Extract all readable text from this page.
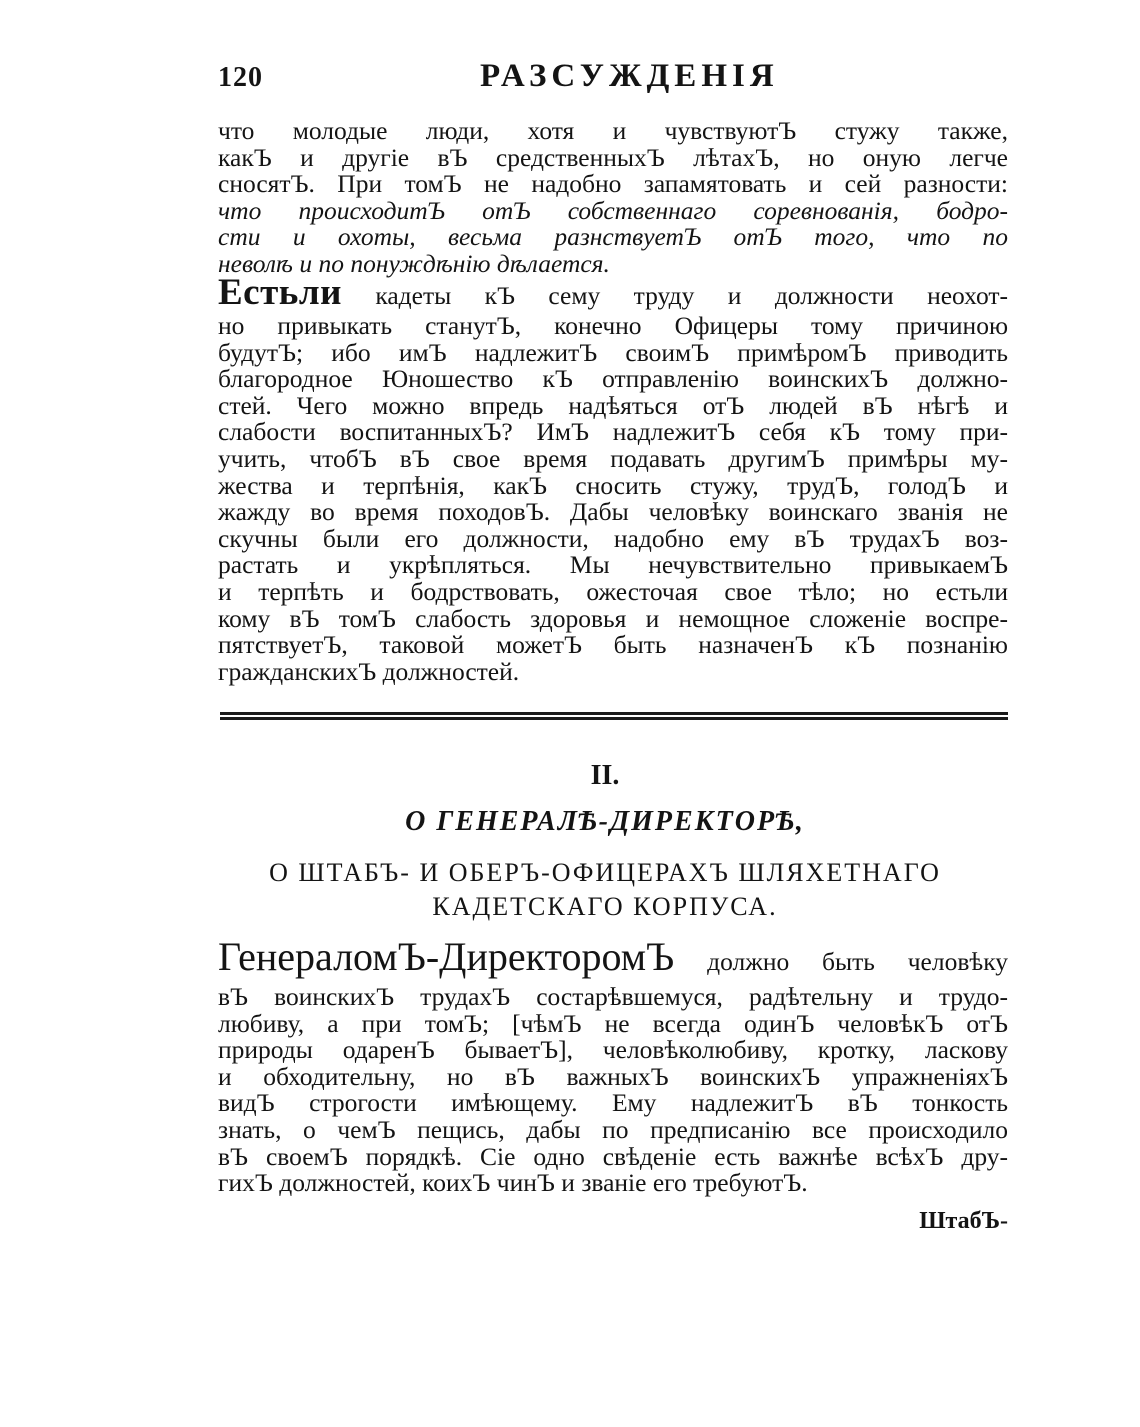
120	РАЗСУЖДЕНІЯ
что молодые люди, хотя и чувствуютЪ стужу также,
какЪ и другіе вЪ средственныхЪ лѣтахЪ, но оную легче
сносятЪ. При томЪ не надобно запамятовать и сей разности:
что происходитЪ отЪ собственнаго соревнованія, бодро-
сти и охоты, весьма разнствуетЪ отЪ того, что по
неволѣ и по понуждѣнію дѣлается.
Естьли кадеты кЪ сему труду и должности неохот-
но привыкать станутЪ, конечно Офицеры тому причиною
будутЪ; ибо имЪ надлежитЪ своимЪ примѣромЪ приводить
благородное Юношество кЪ отправленію воинскихЪ должно-
стей. Чего можно впредь надѣяться отЪ людей вЪ нѣгѣ и
слабости воспитанныхЪ? ИмЪ надлежитЪ себя кЪ тому при-
учить, чтобЪ вЪ свое время подавать другимЪ примѣры му-
жества и терпѣнія, какЪ сносить стужу, трудЪ, голодЪ и
жажду во время походовЪ. Дабы человѣку воинскаго званія не
скучны были его должности, надобно ему вЪ трудахЪ воз-
растать и укрѣпляться. Мы нечувствительно привыкаемЪ
и терпѣть и бодрствовать, ожесточая свое тѣло; но естьли
кому вЪ томЪ слабость здоровья и немощное сложеніе воспре-
пятствуетЪ, таковой можетЪ быть назначенЪ кЪ познанію
гражданскихЪ должностей.
II.
О ГЕНЕРАЛѢ-ДИРЕКТОРѢ,
О ШТАБЪ- И ОБЕРЪ-ОФИЦЕРАХЪ ШЛЯХЕТНАГО
КАДЕТСКАГО КОРПУСА.
ГенераломЪ-ДиректоромЪ должно быть человѣку
вЪ воинскихЪ трудахЪ состарѣвшемуся, радѣтельну и трудо-
любиву, а при томЪ; [чѣмЪ не всегда одинЪ человѣкЪ отЪ
природы одаренЪ бываетЪ], человѣколюбиву, кротку, ласкову
и обходительну, но вЪ важныхЪ воинскихЪ упражненіяхЪ
видЪ строгости имѣющему. Ему надлежитЪ вЪ тонкость
знать, о чемЪ пещись, дабы по предписанію все происходило
вЪ своемЪ порядкѣ. Сіе одно свѣденіе есть важнѣе всѣхЪ дру-
гихЪ должностей, коихЪ чинЪ и званіе его требуютЪ.
ШтабЪ-
